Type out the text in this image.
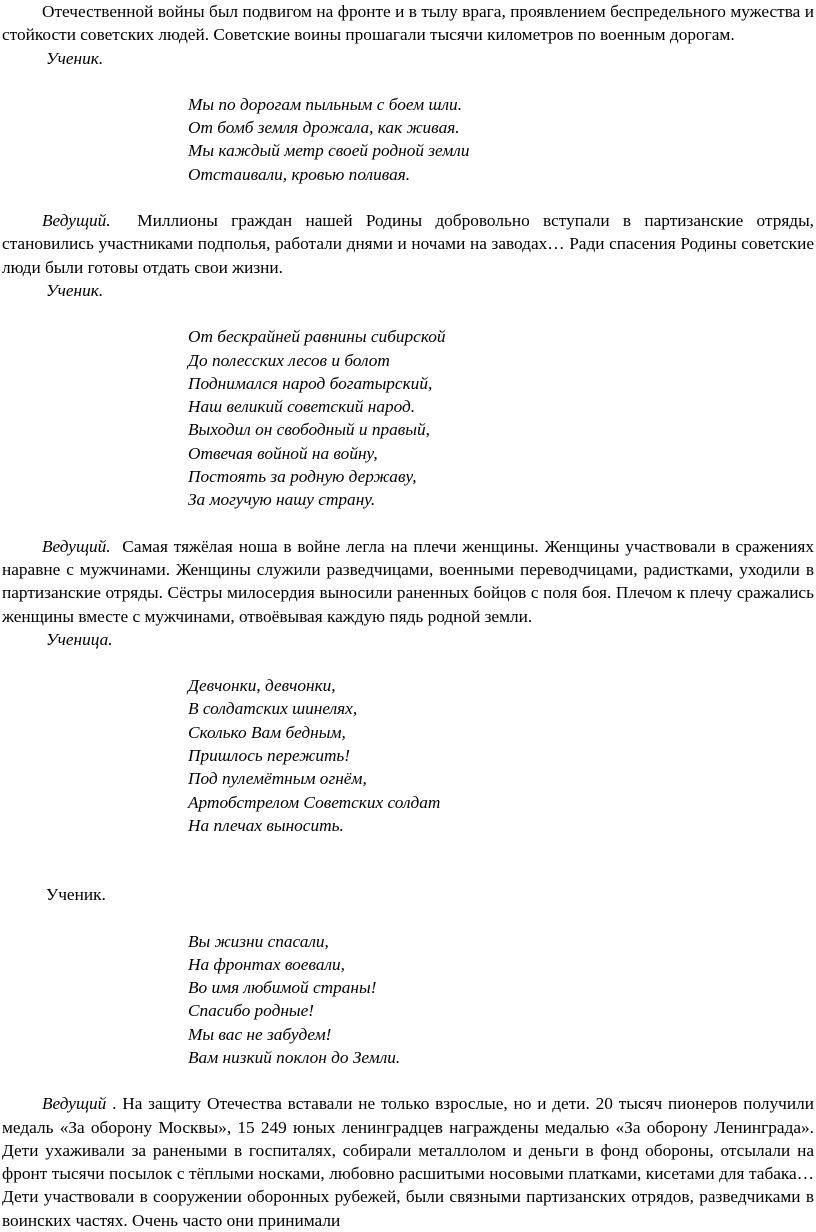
Отечественной войны был подвигом на фронте и в тылу врага, проявлением беспредельного мужества и стойкости советских людей. Советские воины прошагали тысячи километров по военным дорогам.

Ученик.

Мы по дорогам пыльным с боем шли.
От бомб земля дрожала, как живая.
Мы каждый метр своей родной земли
Отстаивали, кровью поливая.

Ведущий. Миллионы граждан нашей Родины добровольно вступали в партизанские отряды, становились участниками подполья, работали днями и ночами на заводах… Ради спасения Родины советские люди были готовы отдать свои жизни.

Ученик.

От бескрайней равнины сибирской
До полесских лесов и болот
Поднимался народ богатырский,
Наш великий советский народ.
Выходил он свободный и правый,
Отвечая войной на войну,
Постоять за родную державу,
За могучую нашу страну.

Ведущий. Самая тяжёлая ноша в войне легла на плечи женщины. Женщины участвовали в сражениях наравне с мужчинами. Женщины служили разведчицами, военными переводчицами, радистками, уходили в партизанские отряды. Сёстры милосердия выносили раненных бойцов с поля боя. Плечом к плечу сражались женщины вместе с мужчинами, отвоёвывая каждую пядь родной земли.

Ученица.

Девчонки, девчонки,
В солдатских шинелях,
Сколько Вам бедным,
Пришлось пережить!
Под пулемётным огнём,
Артобстрелом Советских солдат
На плечах выносить.

Ученик.

Вы жизни спасали,
На фронтах воевали,
Во имя любимой страны!
Спасибо родные!
Мы вас не забудем!
Вам низкий поклон до Земли.

Ведущий . На защиту Отечества вставали не только взрослые, но и дети. 20 тысяч пионеров получили медаль «За оборону Москвы», 15 249 юных ленинградцев награждены медалью «За оборону Ленинграда». Дети ухаживали за ранеными в госпиталях, собирали металлолом и деньги в фонд обороны, отсылали на фронт тысячи посылок с тёплыми носками, любовно расшитыми носовыми платками, кисетами для табака… Дети участвовали в сооружении оборонных рубежей, были связными партизанских отрядов, разведчиками в воинских частях. Очень часто они принимали
